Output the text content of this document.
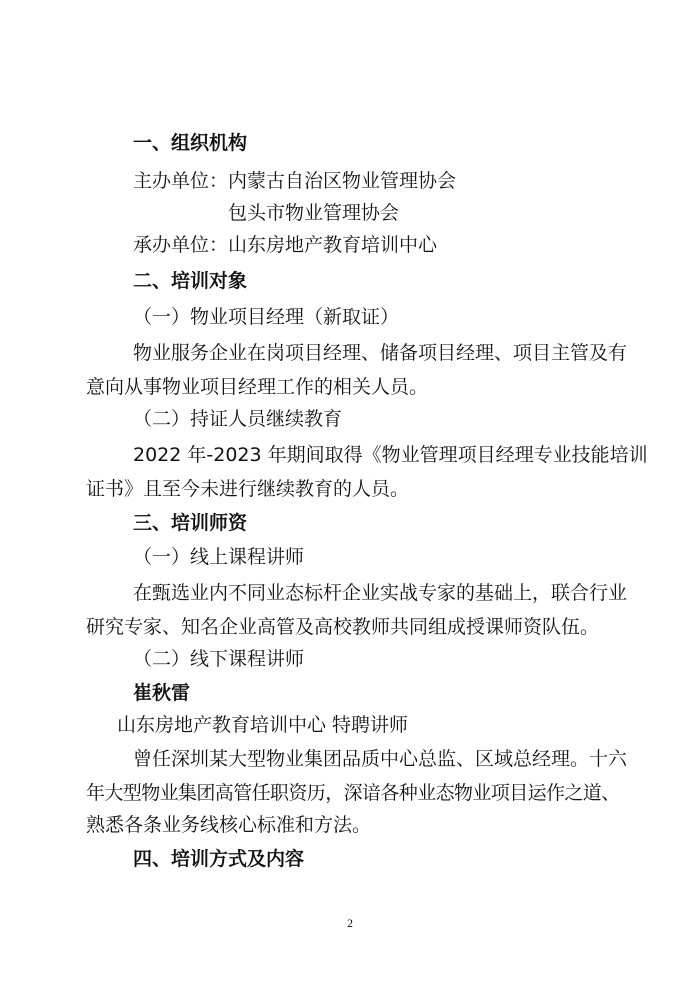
一、组织机构
主办单位：内蒙古自治区物业管理协会
包头市物业管理协会
承办单位：山东房地产教育培训中心
二、培训对象
（一）物业项目经理（新取证）
物业服务企业在岗项目经理、储备项目经理、项目主管及有
意向从事物业项目经理工作的相关人员。
（二）持证人员继续教育
2022 年-2023 年期间取得《物业管理项目经理专业技能培训
证书》且至今未进行继续教育的人员。
三、培训师资
（一）线上课程讲师
在甄选业内不同业态标杆企业实战专家的基础上，联合行业
研究专家、知名企业高管及高校教师共同组成授课师资队伍。
（二）线下课程讲师
崔秋雷
山东房地产教育培训中心 特聘讲师
曾任深圳某大型物业集团品质中心总监、区域总经理。十六
年大型物业集团高管任职资历，深谙各种业态物业项目运作之道、
熟悉各条业务线核心标准和方法。
四、培训方式及内容
2
